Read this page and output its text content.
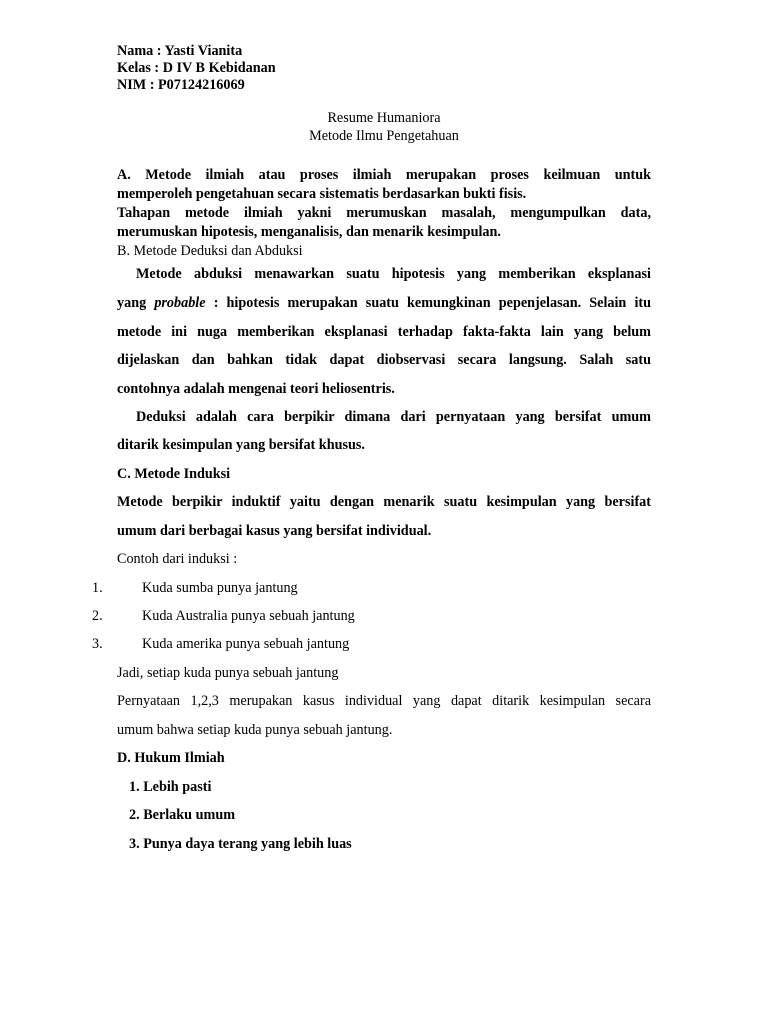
Nama : Yasti Vianita
Kelas : D IV B Kebidanan
NIM : P07124216069
Resume Humaniora
Metode Ilmu Pengetahuan
A. Metode ilmiah atau proses ilmiah merupakan proses keilmuan untuk
memperoleh pengetahuan secara sistematis berdasarkan bukti fisis.
Tahapan metode ilmiah yakni merumuskan masalah, mengumpulkan data,
merumuskan hipotesis, menganalisis, dan menarik kesimpulan.
B. Metode Deduksi dan Abduksi
Metode abduksi menawarkan suatu hipotesis yang memberikan eksplanasi
yang probable : hipotesis merupakan suatu kemungkinan pepenjelasan. Selain itu
metode ini nuga memberikan eksplanasi terhadap fakta-fakta lain yang belum
dijelaskan dan bahkan tidak dapat diobservasi secara langsung. Salah satu
contohnya adalah mengenai teori heliosentris.
Deduksi adalah cara berpikir dimana dari pernyataan yang bersifat umum
ditarik kesimpulan yang bersifat khusus.
C. Metode Induksi
Metode berpikir induktif yaitu dengan menarik suatu kesimpulan yang bersifat
umum dari berbagai kasus yang bersifat individual.
Contoh dari induksi :
1.	Kuda sumba punya jantung
2.	Kuda Australia punya sebuah jantung
3.	Kuda amerika punya sebuah jantung
Jadi, setiap kuda punya sebuah jantung
Pernyataan 1,2,3 merupakan kasus individual yang dapat ditarik kesimpulan secara
umum bahwa setiap kuda punya sebuah jantung.
D. Hukum Ilmiah
1. Lebih pasti
2. Berlaku umum
3. Punya daya terang yang lebih luas
